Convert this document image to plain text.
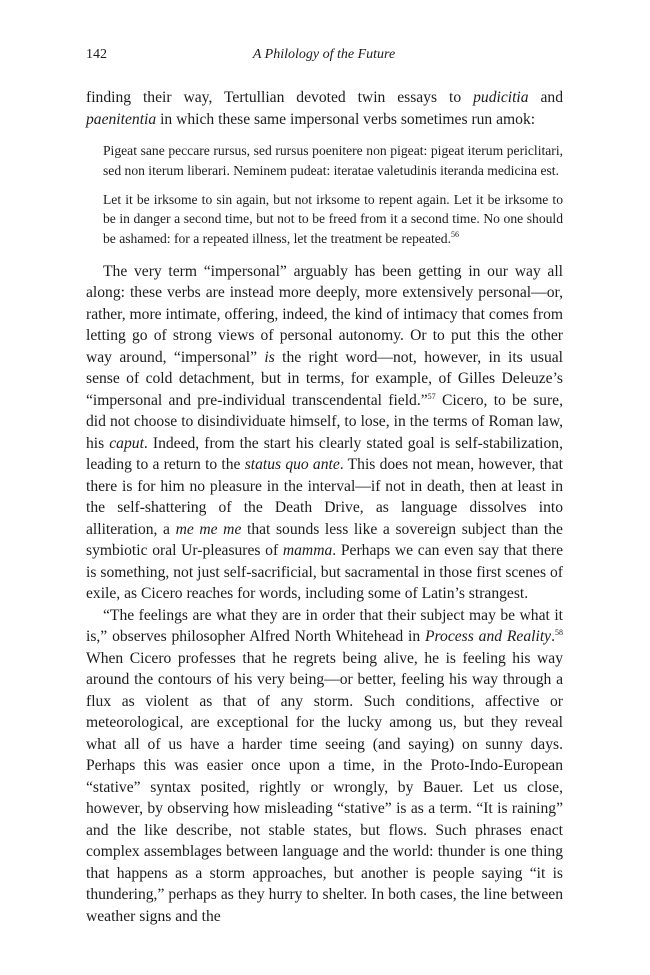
142	A Philology of the Future

finding their way, Tertullian devoted twin essays to pudicitia and paenitentia in which these same impersonal verbs sometimes run amok:

Pigeat sane peccare rursus, sed rursus poenitere non pigeat: pigeat iterum periclitari, sed non iterum liberari. Neminem pudeat: iteratae valetudinis iteranda medicina est.

Let it be irksome to sin again, but not irksome to repent again. Let it be irksome to be in danger a second time, but not to be freed from it a second time. No one should be ashamed: for a repeated illness, let the treatment be repeated.$^{56}$

The very term “impersonal” arguably has been getting in our way all along: these verbs are instead more deeply, more extensively personal—or, rather, more intimate, offering, indeed, the kind of intimacy that comes from letting go of strong views of personal autonomy. Or to put this the other way around, “impersonal” is the right word—not, however, in its usual sense of cold detachment, but in terms, for example, of Gilles Deleuze’s “impersonal and pre-individual transcendental field.”$^{57}$ Cicero, to be sure, did not choose to disindividuate himself, to lose, in the terms of Roman law, his caput. Indeed, from the start his clearly stated goal is self-stabilization, leading to a return to the status quo ante. This does not mean, however, that there is for him no pleasure in the interval—if not in death, then at least in the self-shattering of the Death Drive, as language dissolves into alliteration, a me me me that sounds less like a sovereign subject than the symbiotic oral Ur-pleasures of mamma. Perhaps we can even say that there is something, not just self-sacrificial, but sacramental in those first scenes of exile, as Cicero reaches for words, including some of Latin’s strangest.

“The feelings are what they are in order that their subject may be what it is,” observes philosopher Alfred North Whitehead in Process and Reality.$^{58}$ When Cicero professes that he regrets being alive, he is feeling his way around the contours of his very being—or better, feeling his way through a flux as violent as that of any storm. Such conditions, affective or meteorological, are exceptional for the lucky among us, but they reveal what all of us have a harder time seeing (and saying) on sunny days. Perhaps this was easier once upon a time, in the Proto-Indo-European “stative” syntax posited, rightly or wrongly, by Bauer. Let us close, however, by observing how misleading “stative” is as a term. “It is raining” and the like describe, not stable states, but flows. Such phrases enact complex assemblages between language and the world: thunder is one thing that happens as a storm approaches, but another is people saying “it is thundering,” perhaps as they hurry to shelter. In both cases, the line between weather signs and the
